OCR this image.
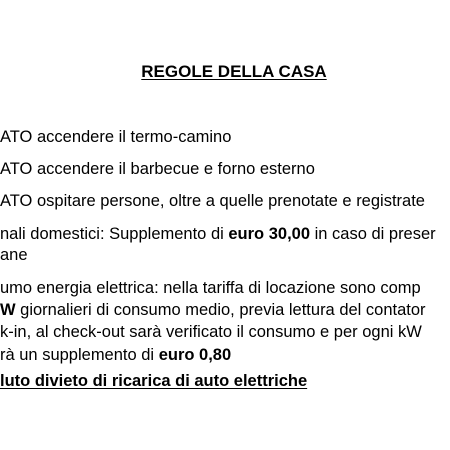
REGOLE DELLA CASA
ATO accendere il termo-camino
ATO accendere il barbecue e forno esterno
ATO ospitare persone, oltre a quelle prenotate e registrate
nali domestici: Supplemento di euro 30,00 in caso di preser
ane
umo energia elettrica: nella tariffa di locazione sono comp
W giornalieri di consumo medio, previa lettura del contator
k-in, al check-out sarà verificato il consumo e per ogni kW
rà un supplemento di euro 0,80
luto divieto di ricarica di auto elettriche
